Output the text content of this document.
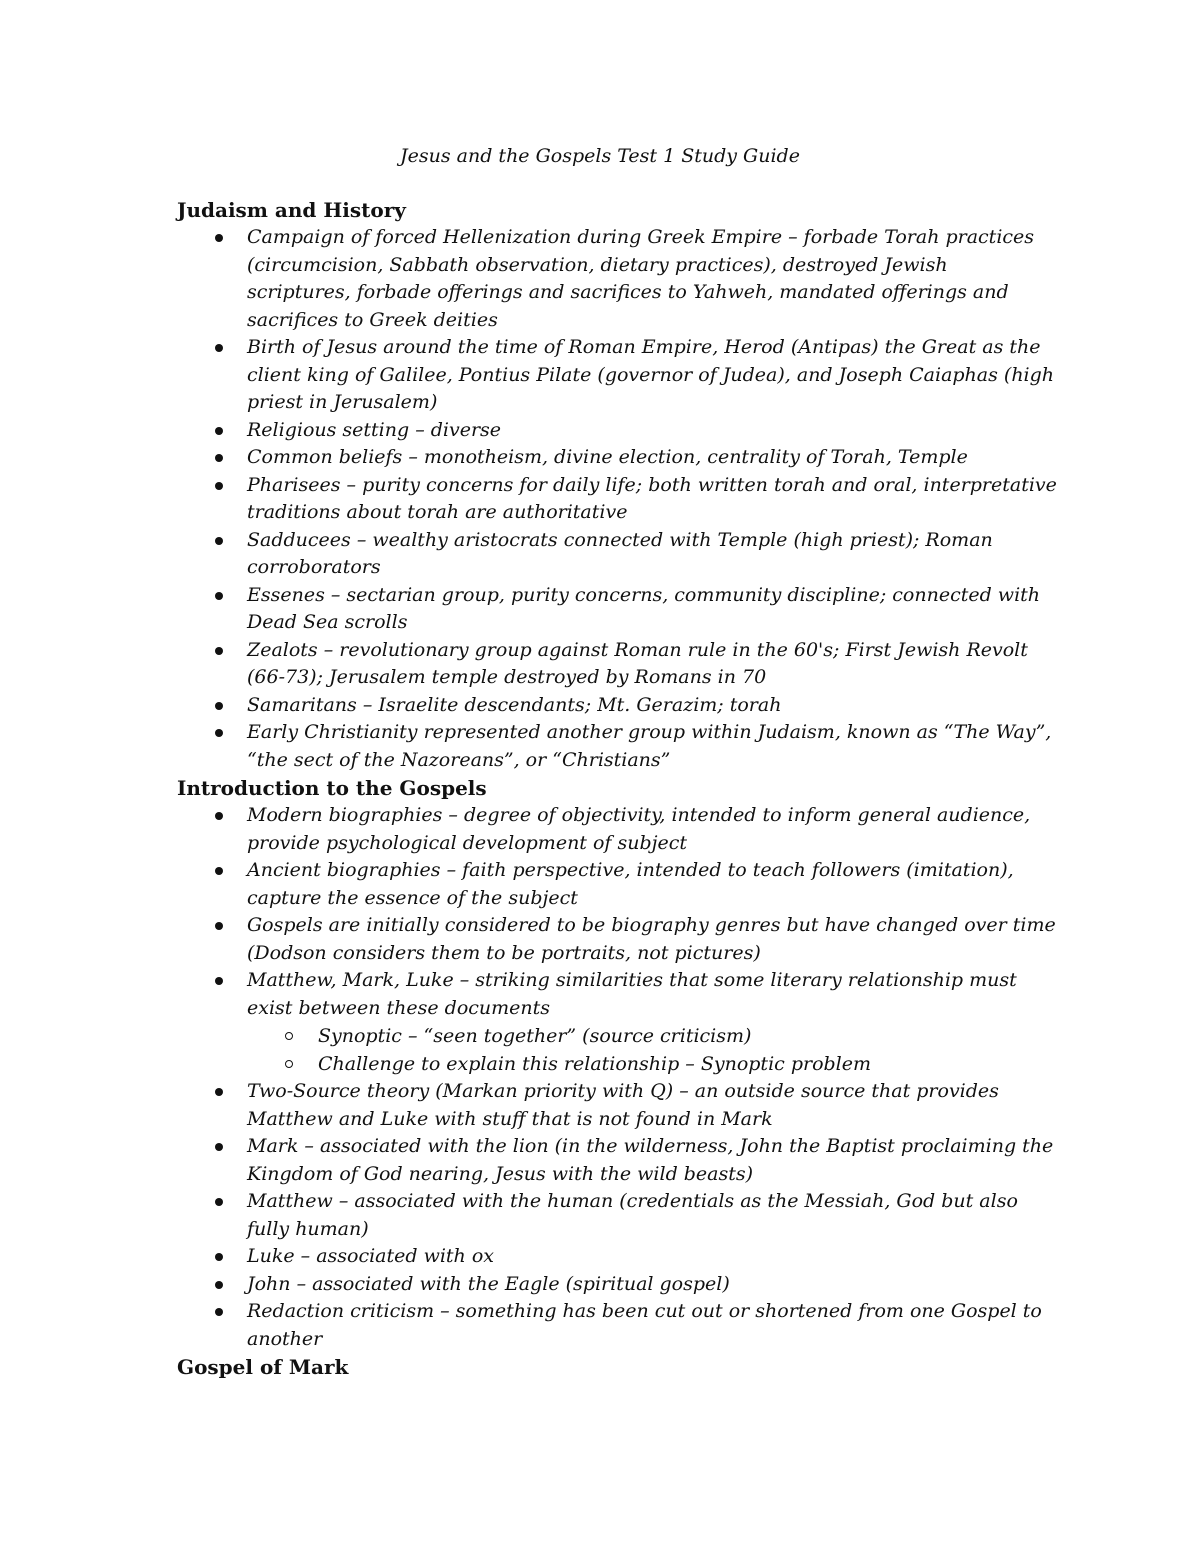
Jesus and the Gospels Test 1 Study Guide
Judaism and History
Campaign of forced Hellenization during Greek Empire – forbade Torah practices (circumcision, Sabbath observation, dietary practices), destroyed Jewish scriptures, forbade offerings and sacrifices to Yahweh, mandated offerings and sacrifices to Greek deities
Birth of Jesus around the time of Roman Empire, Herod (Antipas) the Great as the client king of Galilee, Pontius Pilate (governor of Judea), and Joseph Caiaphas (high priest in Jerusalem)
Religious setting – diverse
Common beliefs – monotheism, divine election, centrality of Torah, Temple
Pharisees – purity concerns for daily life; both written torah and oral, interpretative traditions about torah are authoritative
Sadducees – wealthy aristocrats connected with Temple (high priest); Roman corroborators
Essenes – sectarian group, purity concerns, community discipline; connected with Dead Sea scrolls
Zealots – revolutionary group against Roman rule in the 60's; First Jewish Revolt (66-73); Jerusalem temple destroyed by Romans in 70
Samaritans – Israelite descendants; Mt. Gerazim; torah
Early Christianity represented another group within Judaism, known as “The Way”, “the sect of the Nazoreans”, or “Christians”
Introduction to the Gospels
Modern biographies – degree of objectivity, intended to inform general audience, provide psychological development of subject
Ancient biographies – faith perspective, intended to teach followers (imitation), capture the essence of the subject
Gospels are initially considered to be biography genres but have changed over time (Dodson considers them to be portraits, not pictures)
Matthew, Mark, Luke – striking similarities that some literary relationship must exist between these documents
Synoptic – “seen together” (source criticism)
Challenge to explain this relationship – Synoptic problem
Two-Source theory (Markan priority with Q) – an outside source that provides Matthew and Luke with stuff that is not found in Mark
Mark – associated with the lion (in the wilderness, John the Baptist proclaiming the Kingdom of God nearing, Jesus with the wild beasts)
Matthew – associated with the human (credentials as the Messiah, God but also fully human)
Luke – associated with ox
John – associated with the Eagle (spiritual gospel)
Redaction criticism – something has been cut out or shortened from one Gospel to another
Gospel of Mark
